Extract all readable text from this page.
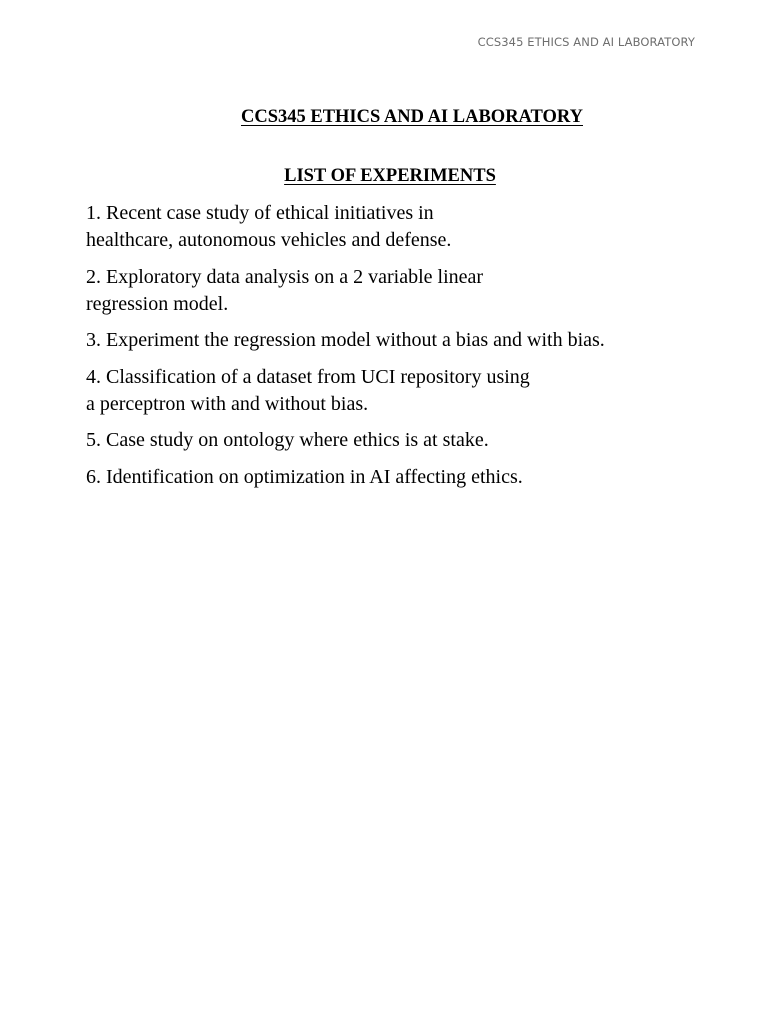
CCS345 ETHICS AND AI LABORATORY
CCS345 ETHICS AND AI LABORATORY
LIST OF EXPERIMENTS
1. Recent case study of ethical initiatives in
healthcare, autonomous vehicles and defense.
2. Exploratory data analysis on a 2 variable linear
regression model.
3. Experiment the regression model without a bias and with bias.
4. Classification of a dataset from UCI repository using
a perceptron with and without bias.
5. Case study on ontology where ethics is at stake.
6. Identification on optimization in AI affecting ethics.
